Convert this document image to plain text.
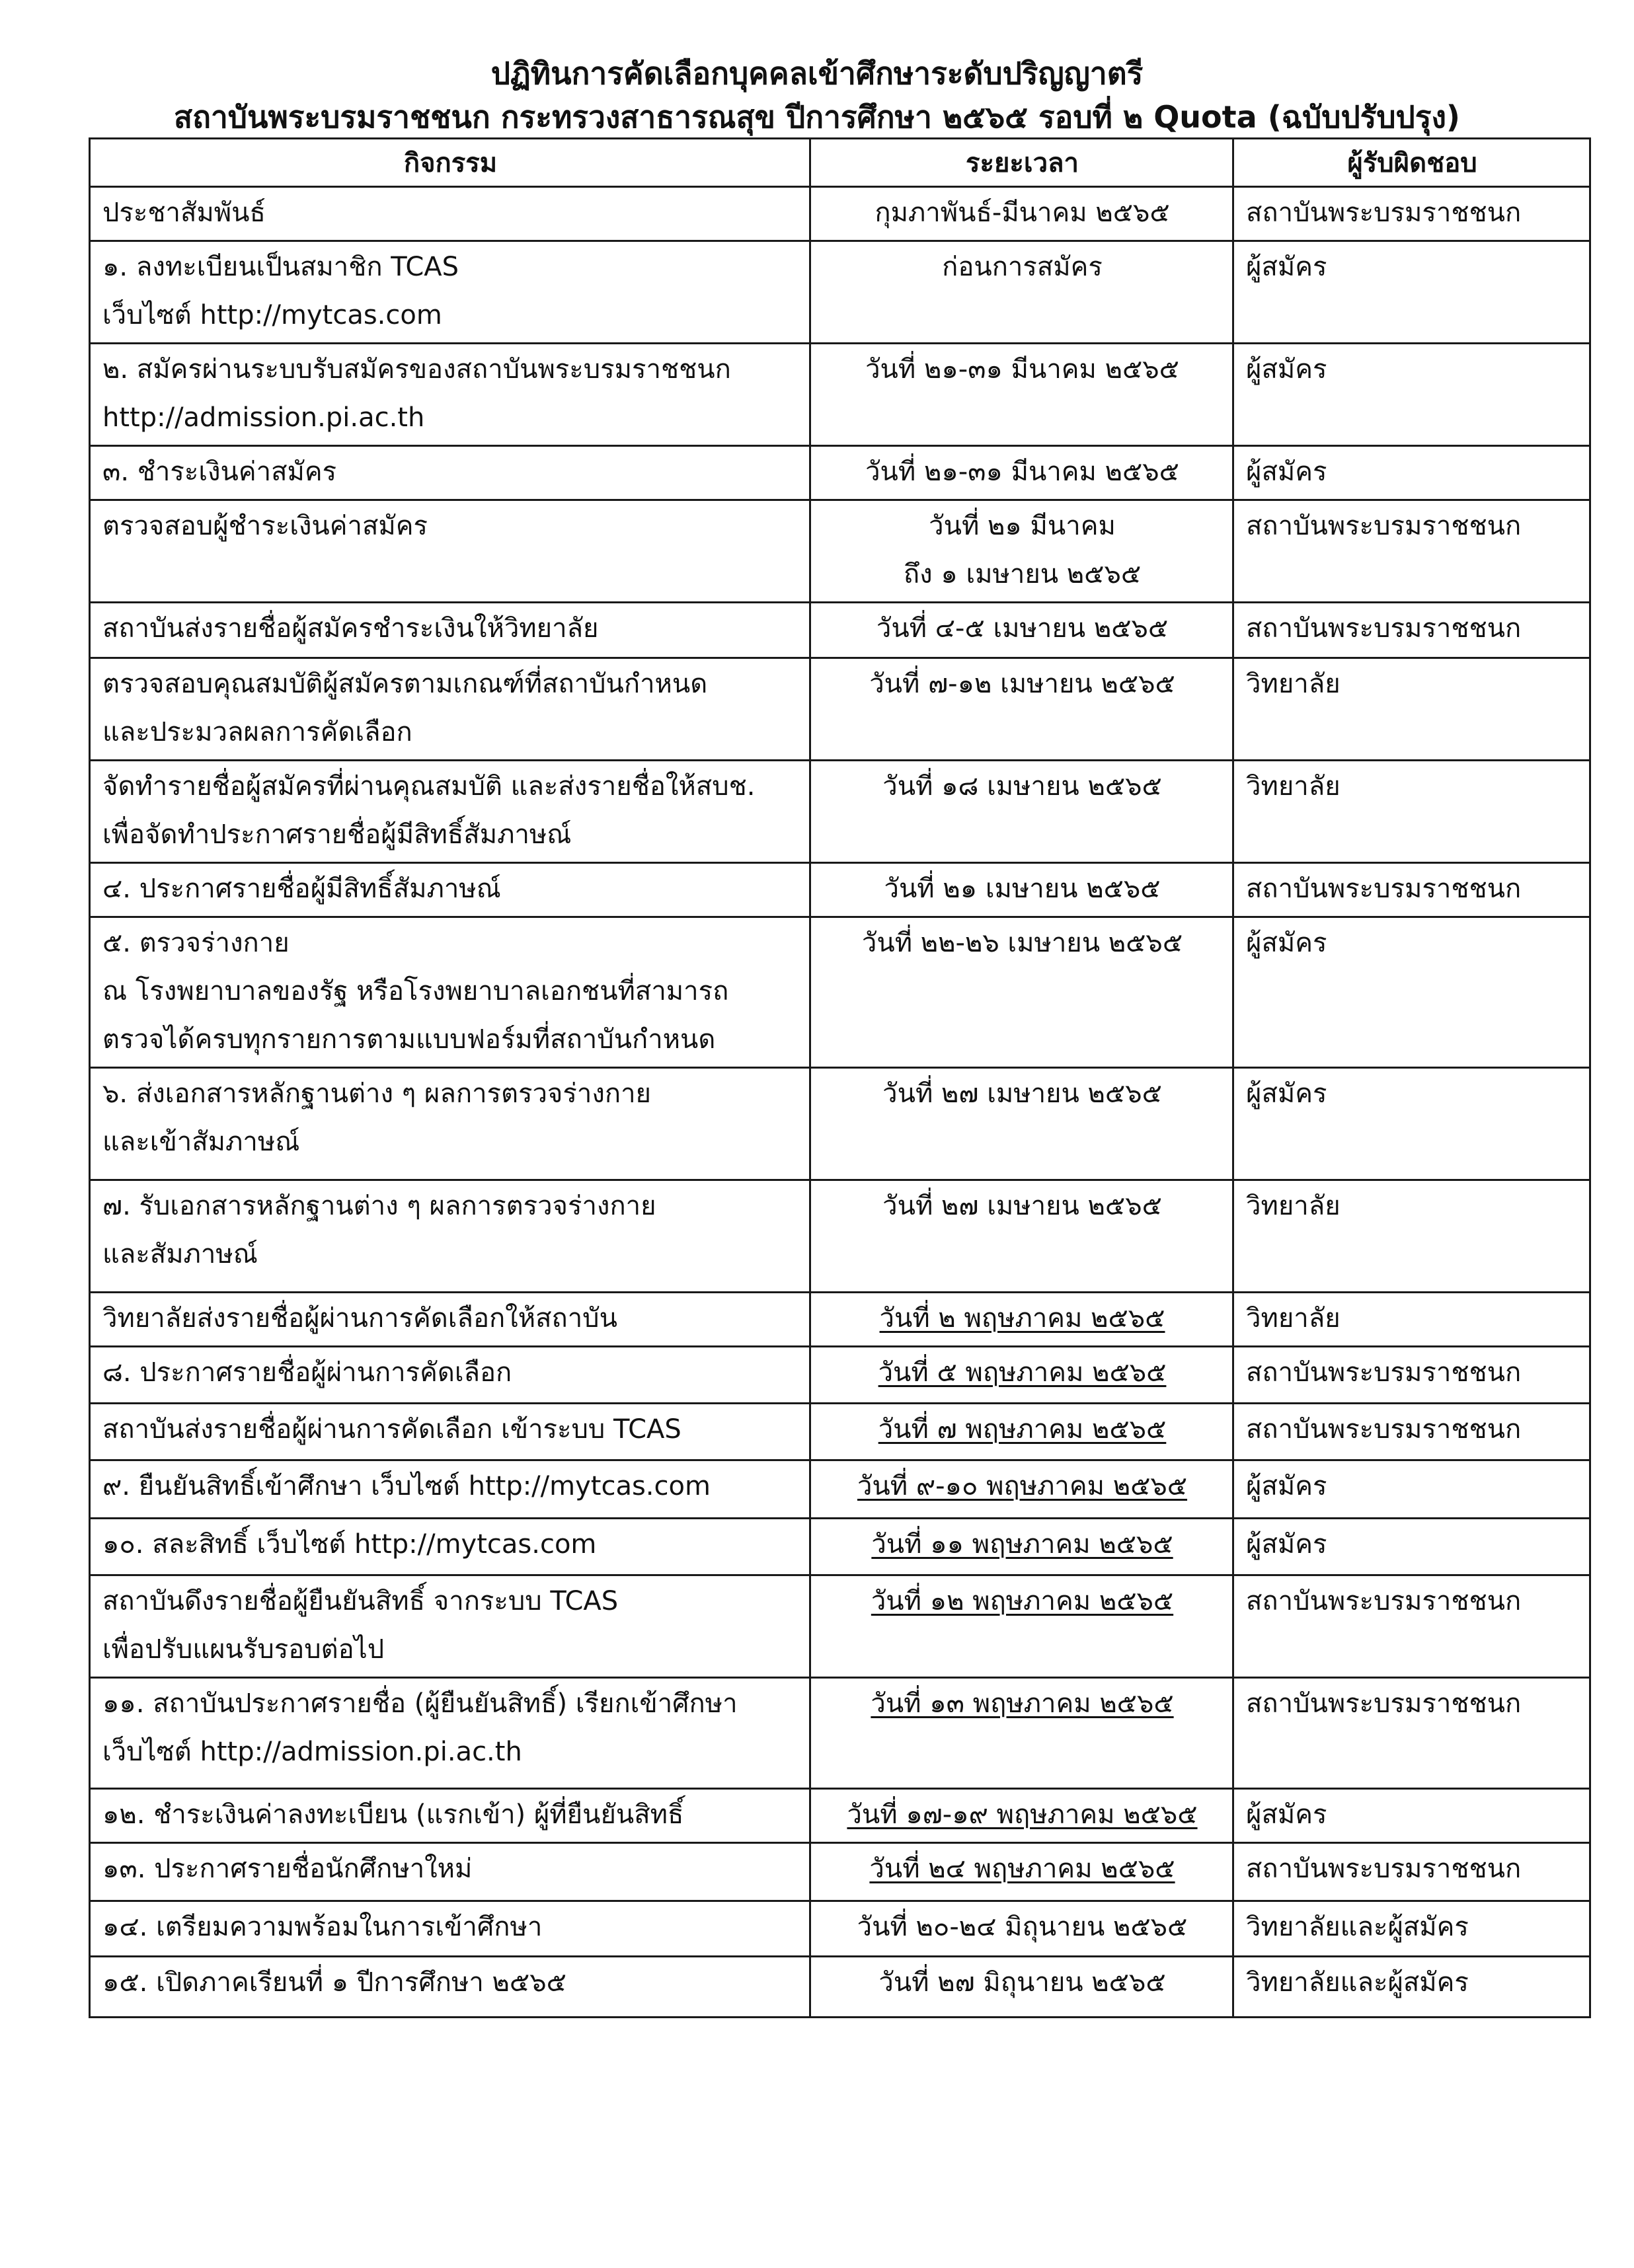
ปฏิทินการคัดเลือกบุคคลเข้าศึกษาระดับปริญญาตรี
สถาบันพระบรมราชชนก กระทรวงสาธารณสุข ปีการศึกษา ๒๕๖๕ รอบที่ ๒ Quota (ฉบับปรับปรุง)
กิจกรรม	ระยะเวลา	ผู้รับผิดชอบ

ประชาสัมพันธ์	กุมภาพันธ์-มีนาคม ๒๕๖๕	สถาบันพระบรมราชชนก

๑. ลงทะเบียนเป็นสมาชิก TCAS
เว็บไซต์ http://mytcas.com	ก่อนการสมัคร	ผู้สมัคร

๒. สมัครผ่านระบบรับสมัครของสถาบันพระบรมราชชนก
http://admission.pi.ac.th	วันที่ ๒๑-๓๑ มีนาคม ๒๕๖๕	ผู้สมัคร

๓. ชำระเงินค่าสมัคร	วันที่ ๒๑-๓๑ มีนาคม ๒๕๖๕	ผู้สมัคร

ตรวจสอบผู้ชำระเงินค่าสมัคร	วันที่ ๒๑ มีนาคม
ถึง ๑ เมษายน ๒๕๖๕	สถาบันพระบรมราชชนก

สถาบันส่งรายชื่อผู้สมัครชำระเงินให้วิทยาลัย	วันที่ ๔-๕ เมษายน ๒๕๖๕	สถาบันพระบรมราชชนก

ตรวจสอบคุณสมบัติผู้สมัครตามเกณฑ์ที่สถาบันกำหนด
และประมวลผลการคัดเลือก	วันที่ ๗-๑๒ เมษายน ๒๕๖๕	วิทยาลัย

จัดทำรายชื่อผู้สมัครที่ผ่านคุณสมบัติ และส่งรายชื่อให้สบช.
เพื่อจัดทำประกาศรายชื่อผู้มีสิทธิ์สัมภาษณ์	วันที่ ๑๘ เมษายน ๒๕๖๕	วิทยาลัย

๔. ประกาศรายชื่อผู้มีสิทธิ์สัมภาษณ์	วันที่ ๒๑ เมษายน ๒๕๖๕	สถาบันพระบรมราชชนก

๕. ตรวจร่างกาย
ณ โรงพยาบาลของรัฐ หรือโรงพยาบาลเอกชนที่สามารถ
ตรวจได้ครบทุกรายการตามแบบฟอร์มที่สถาบันกำหนด	วันที่ ๒๒-๒๖ เมษายน ๒๕๖๕	ผู้สมัคร

๖. ส่งเอกสารหลักฐานต่าง ๆ ผลการตรวจร่างกาย
และเข้าสัมภาษณ์	วันที่ ๒๗ เมษายน ๒๕๖๕	ผู้สมัคร

๗. รับเอกสารหลักฐานต่าง ๆ ผลการตรวจร่างกาย
และสัมภาษณ์	วันที่ ๒๗ เมษายน ๒๕๖๕	วิทยาลัย

วิทยาลัยส่งรายชื่อผู้ผ่านการคัดเลือกให้สถาบัน	วันที่ ๒ พฤษภาคม ๒๕๖๕	วิทยาลัย

๘. ประกาศรายชื่อผู้ผ่านการคัดเลือก	วันที่ ๕ พฤษภาคม ๒๕๖๕	สถาบันพระบรมราชชนก

สถาบันส่งรายชื่อผู้ผ่านการคัดเลือก เข้าระบบ TCAS	วันที่ ๗ พฤษภาคม ๒๕๖๕	สถาบันพระบรมราชชนก

๙. ยืนยันสิทธิ์เข้าศึกษา เว็บไซต์ http://mytcas.com	วันที่ ๙-๑๐ พฤษภาคม ๒๕๖๕	ผู้สมัคร

๑๐. สละสิทธิ์ เว็บไซต์ http://mytcas.com	วันที่ ๑๑ พฤษภาคม ๒๕๖๕	ผู้สมัคร

สถาบันดึงรายชื่อผู้ยืนยันสิทธิ์ จากระบบ TCAS
เพื่อปรับแผนรับรอบต่อไป	วันที่ ๑๒ พฤษภาคม ๒๕๖๕	สถาบันพระบรมราชชนก

๑๑. สถาบันประกาศรายชื่อ (ผู้ยืนยันสิทธิ์) เรียกเข้าศึกษา
เว็บไซต์ http://admission.pi.ac.th	วันที่ ๑๓ พฤษภาคม ๒๕๖๕	สถาบันพระบรมราชชนก

๑๒. ชำระเงินค่าลงทะเบียน (แรกเข้า) ผู้ที่ยืนยันสิทธิ์	วันที่ ๑๗-๑๙ พฤษภาคม ๒๕๖๕	ผู้สมัคร

๑๓. ประกาศรายชื่อนักศึกษาใหม่	วันที่ ๒๔ พฤษภาคม ๒๕๖๕	สถาบันพระบรมราชชนก

๑๔. เตรียมความพร้อมในการเข้าศึกษา	วันที่ ๒๐-๒๔ มิถุนายน ๒๕๖๕	วิทยาลัยและผู้สมัคร

๑๕. เปิดภาคเรียนที่ ๑ ปีการศึกษา ๒๕๖๕	วันที่ ๒๗ มิถุนายน ๒๕๖๕	วิทยาลัยและผู้สมัคร
